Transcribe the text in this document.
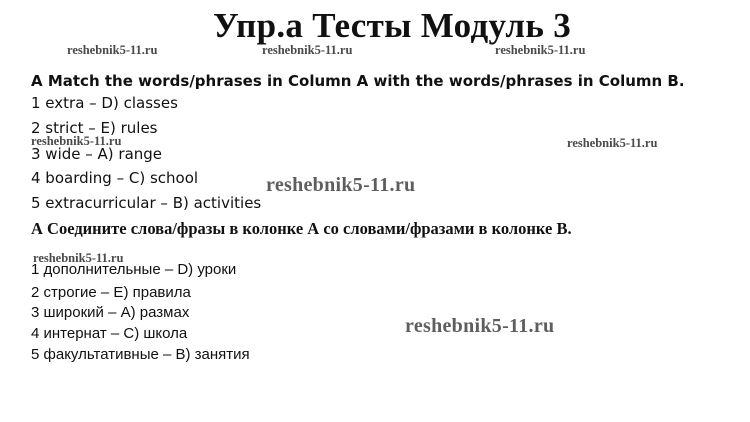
Упр.а Тесты Модуль 3
reshebnik5-11.ru	reshebnik5-11.ru	reshebnik5-11.ru
A Match the words/phrases in Column A with the words/phrases in Column B.
1 extra – D) classes
2 strict – E) rules
reshebnik5-11.ru	reshebnik5-11.ru
3 wide – A) range
4 boarding – C) school	reshebnik5-11.ru
5 extracurricular – B) activities
А Соедините слова/фразы в колонке А со словами/фразами в колонке В.
reshebnik5-11.ru
1 дополнительные – D) уроки
2 строгие – E) правила
3 широкий – A) размах
reshebnik5-11.ru
4 интернат – C) школа
5 факультативные – B) занятия
